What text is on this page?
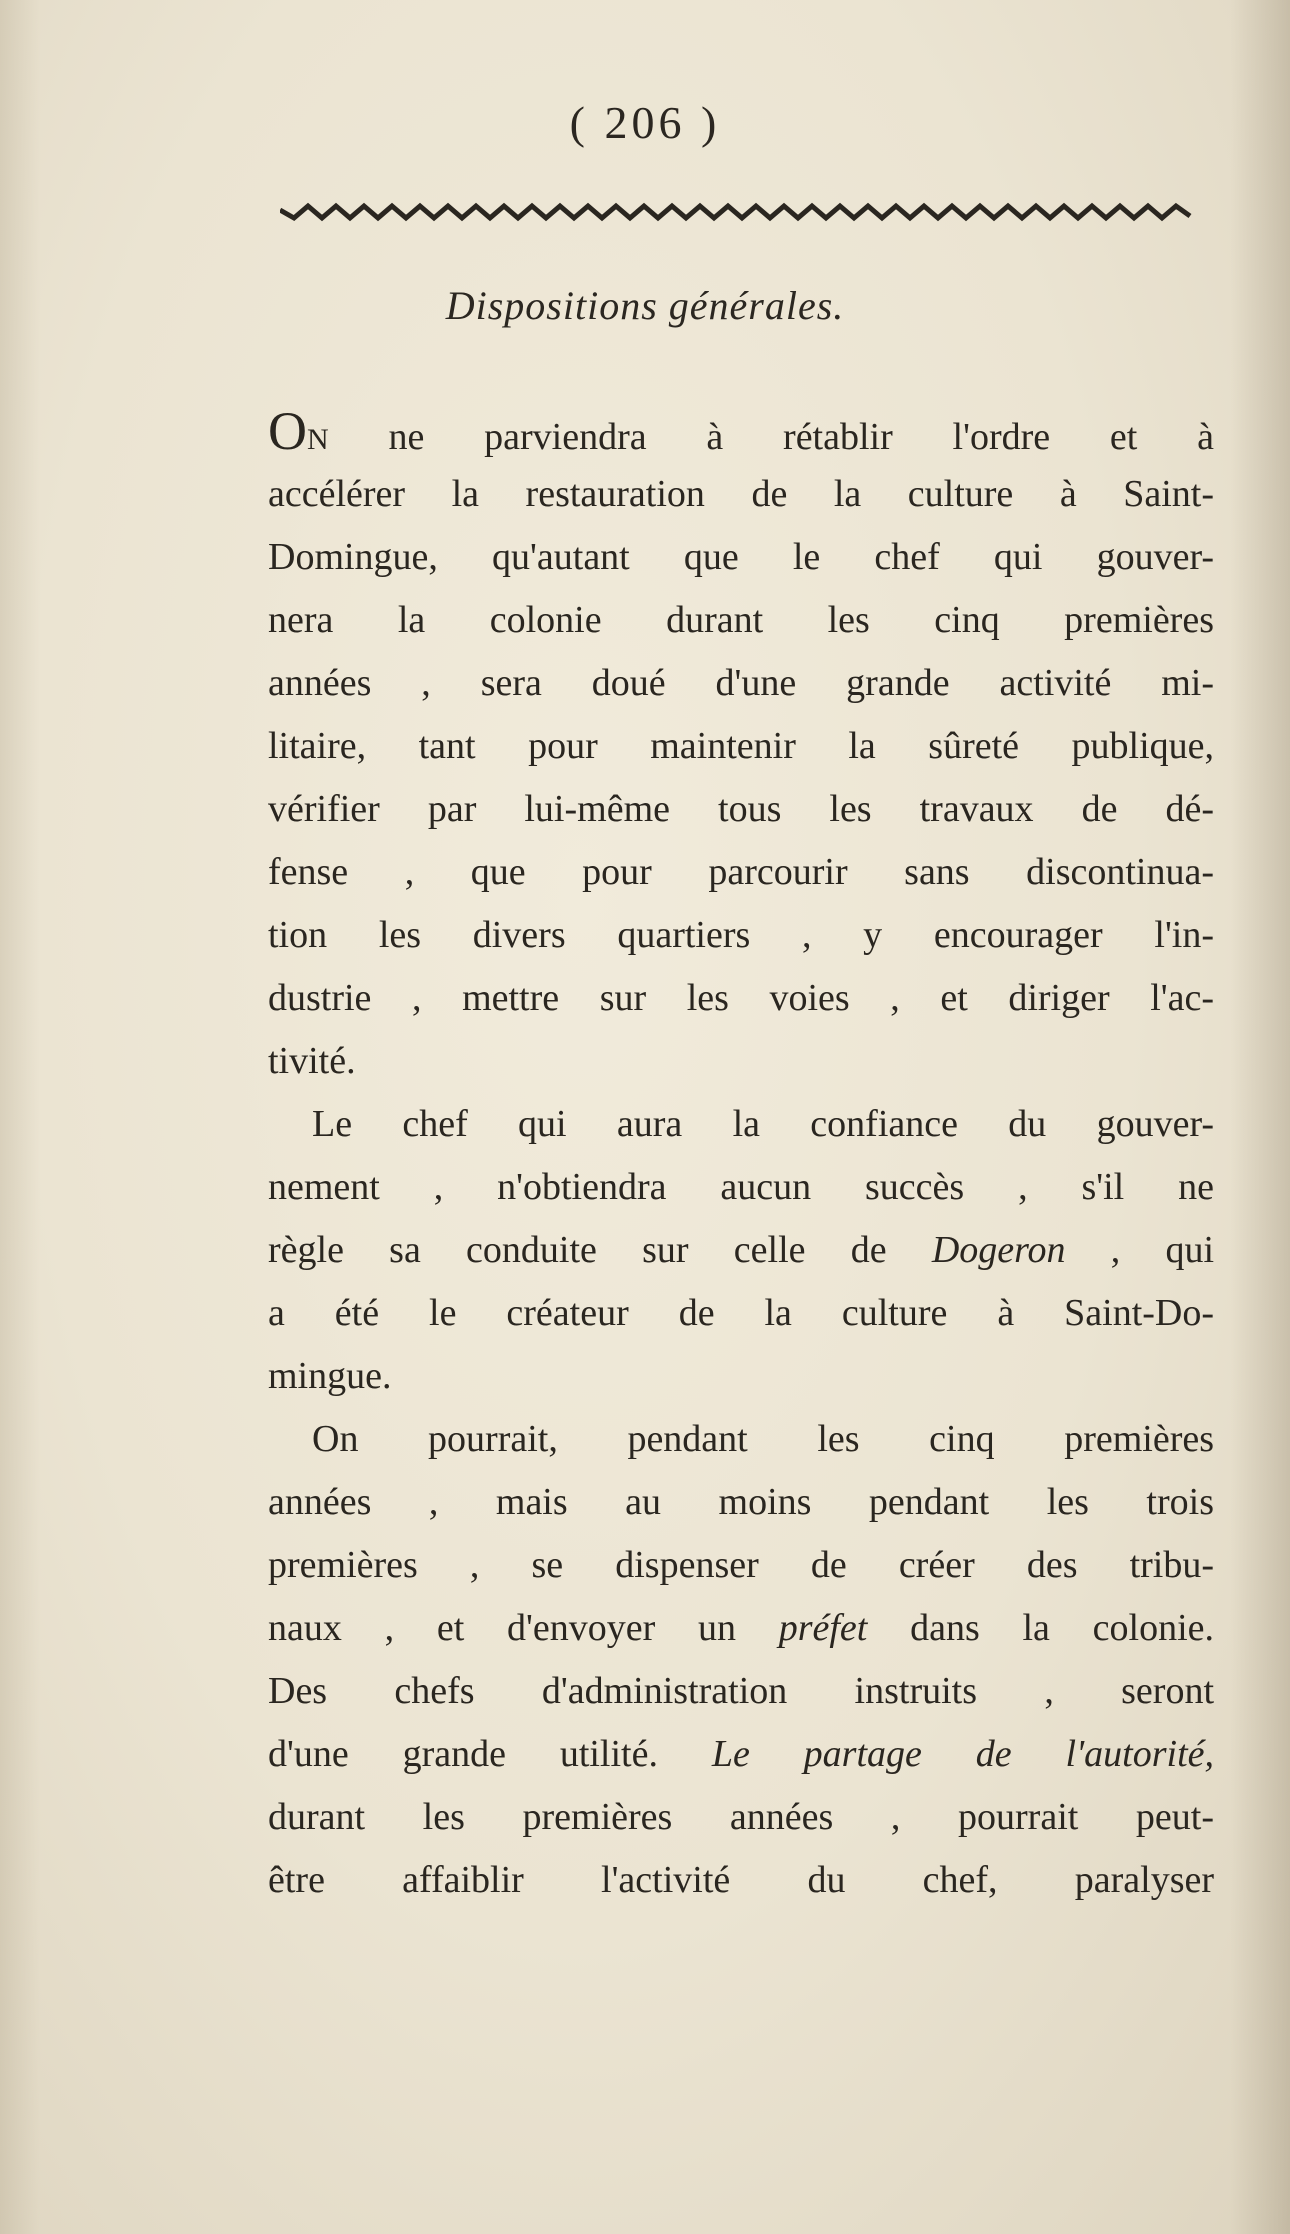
( 206 )
Dispositions générales.
ON ne parviendra à rétablir l'ordre et à
accélérer la restauration de la culture à Saint-
Domingue, qu'autant que le chef qui gouver-
nera la colonie durant les cinq premières
années , sera doué d'une grande activité mi-
litaire, tant pour maintenir la sûreté publique,
vérifier par lui-même tous les travaux de dé-
fense , que pour parcourir sans discontinua-
tion les divers quartiers , y encourager l'in-
dustrie , mettre sur les voies , et diriger l'ac-
tivité.
Le chef qui aura la confiance du gouver-
nement , n'obtiendra aucun succès , s'il ne
règle sa conduite sur celle de Dogeron , qui
a été le créateur de la culture à Saint-Do-
mingue.
On pourrait, pendant les cinq premières
années , mais au moins pendant les trois
premières , se dispenser de créer des tribu-
naux , et d'envoyer un préfet dans la colonie.
Des chefs d'administration instruits , seront
d'une grande utilité. Le partage de l'autorité,
durant les premières années , pourrait peut-
être affaiblir l'activité du chef, paralyser
